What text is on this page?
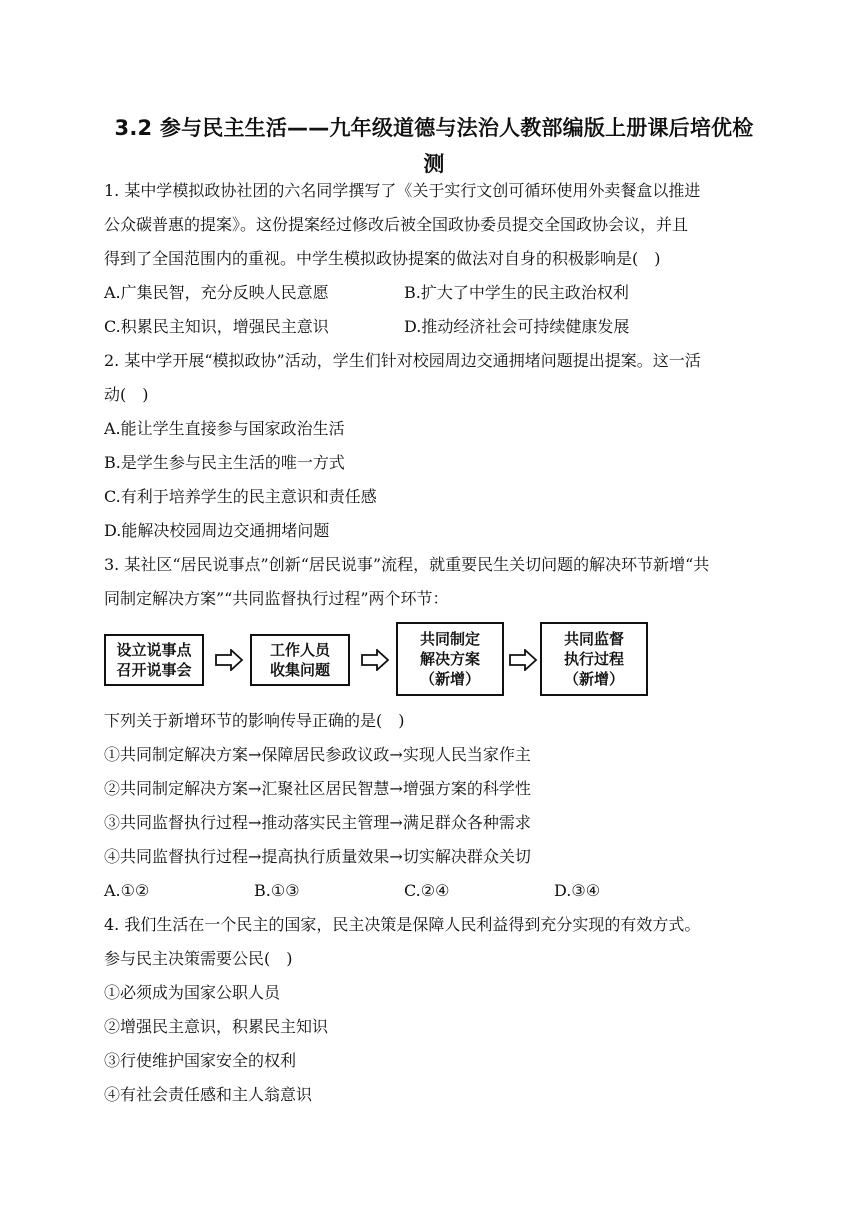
3.2 参与民主生活——九年级道德与法治人教部编版上册课后培优检
测
1. 某中学模拟政协社团的六名同学撰写了《关于实行文创可循环使用外卖餐盒以推进
公众碳普惠的提案》。这份提案经过修改后被全国政协委员提交全国政协会议，并且
得到了全国范围内的重视。中学生模拟政协提案的做法对自身的积极影响是(　)
A.广集民智，充分反映人民意愿	B.扩大了中学生的民主政治权利
C.积累民主知识，增强民主意识	D.推动经济社会可持续健康发展
2. 某中学开展“模拟政协”活动，学生们针对校园周边交通拥堵问题提出提案。这一活
动(　)
A.能让学生直接参与国家政治生活
B.是学生参与民主生活的唯一方式
C.有利于培养学生的民主意识和责任感
D.能解决校园周边交通拥堵问题
3. 某社区“居民说事点”创新“居民说事”流程，就重要民生关切问题的解决环节新增“共
同制定解决方案”“共同监督执行过程”两个环节：
设立说事点
召开说事会
工作人员
收集问题
共同制定
解决方案
（新增）
共同监督
执行过程
（新增）
下列关于新增环节的影响传导正确的是(　)
①共同制定解决方案→保障居民参政议政→实现人民当家作主
②共同制定解决方案→汇聚社区居民智慧→增强方案的科学性
③共同监督执行过程→推动落实民主管理→满足群众各种需求
④共同监督执行过程→提高执行质量效果→切实解决群众关切
A.①②	B.①③	C.②④	D.③④
4. 我们生活在一个民主的国家，民主决策是保障人民利益得到充分实现的有效方式。
参与民主决策需要公民(　)
①必须成为国家公职人员
②增强民主意识，积累民主知识
③行使维护国家安全的权利
④有社会责任感和主人翁意识
